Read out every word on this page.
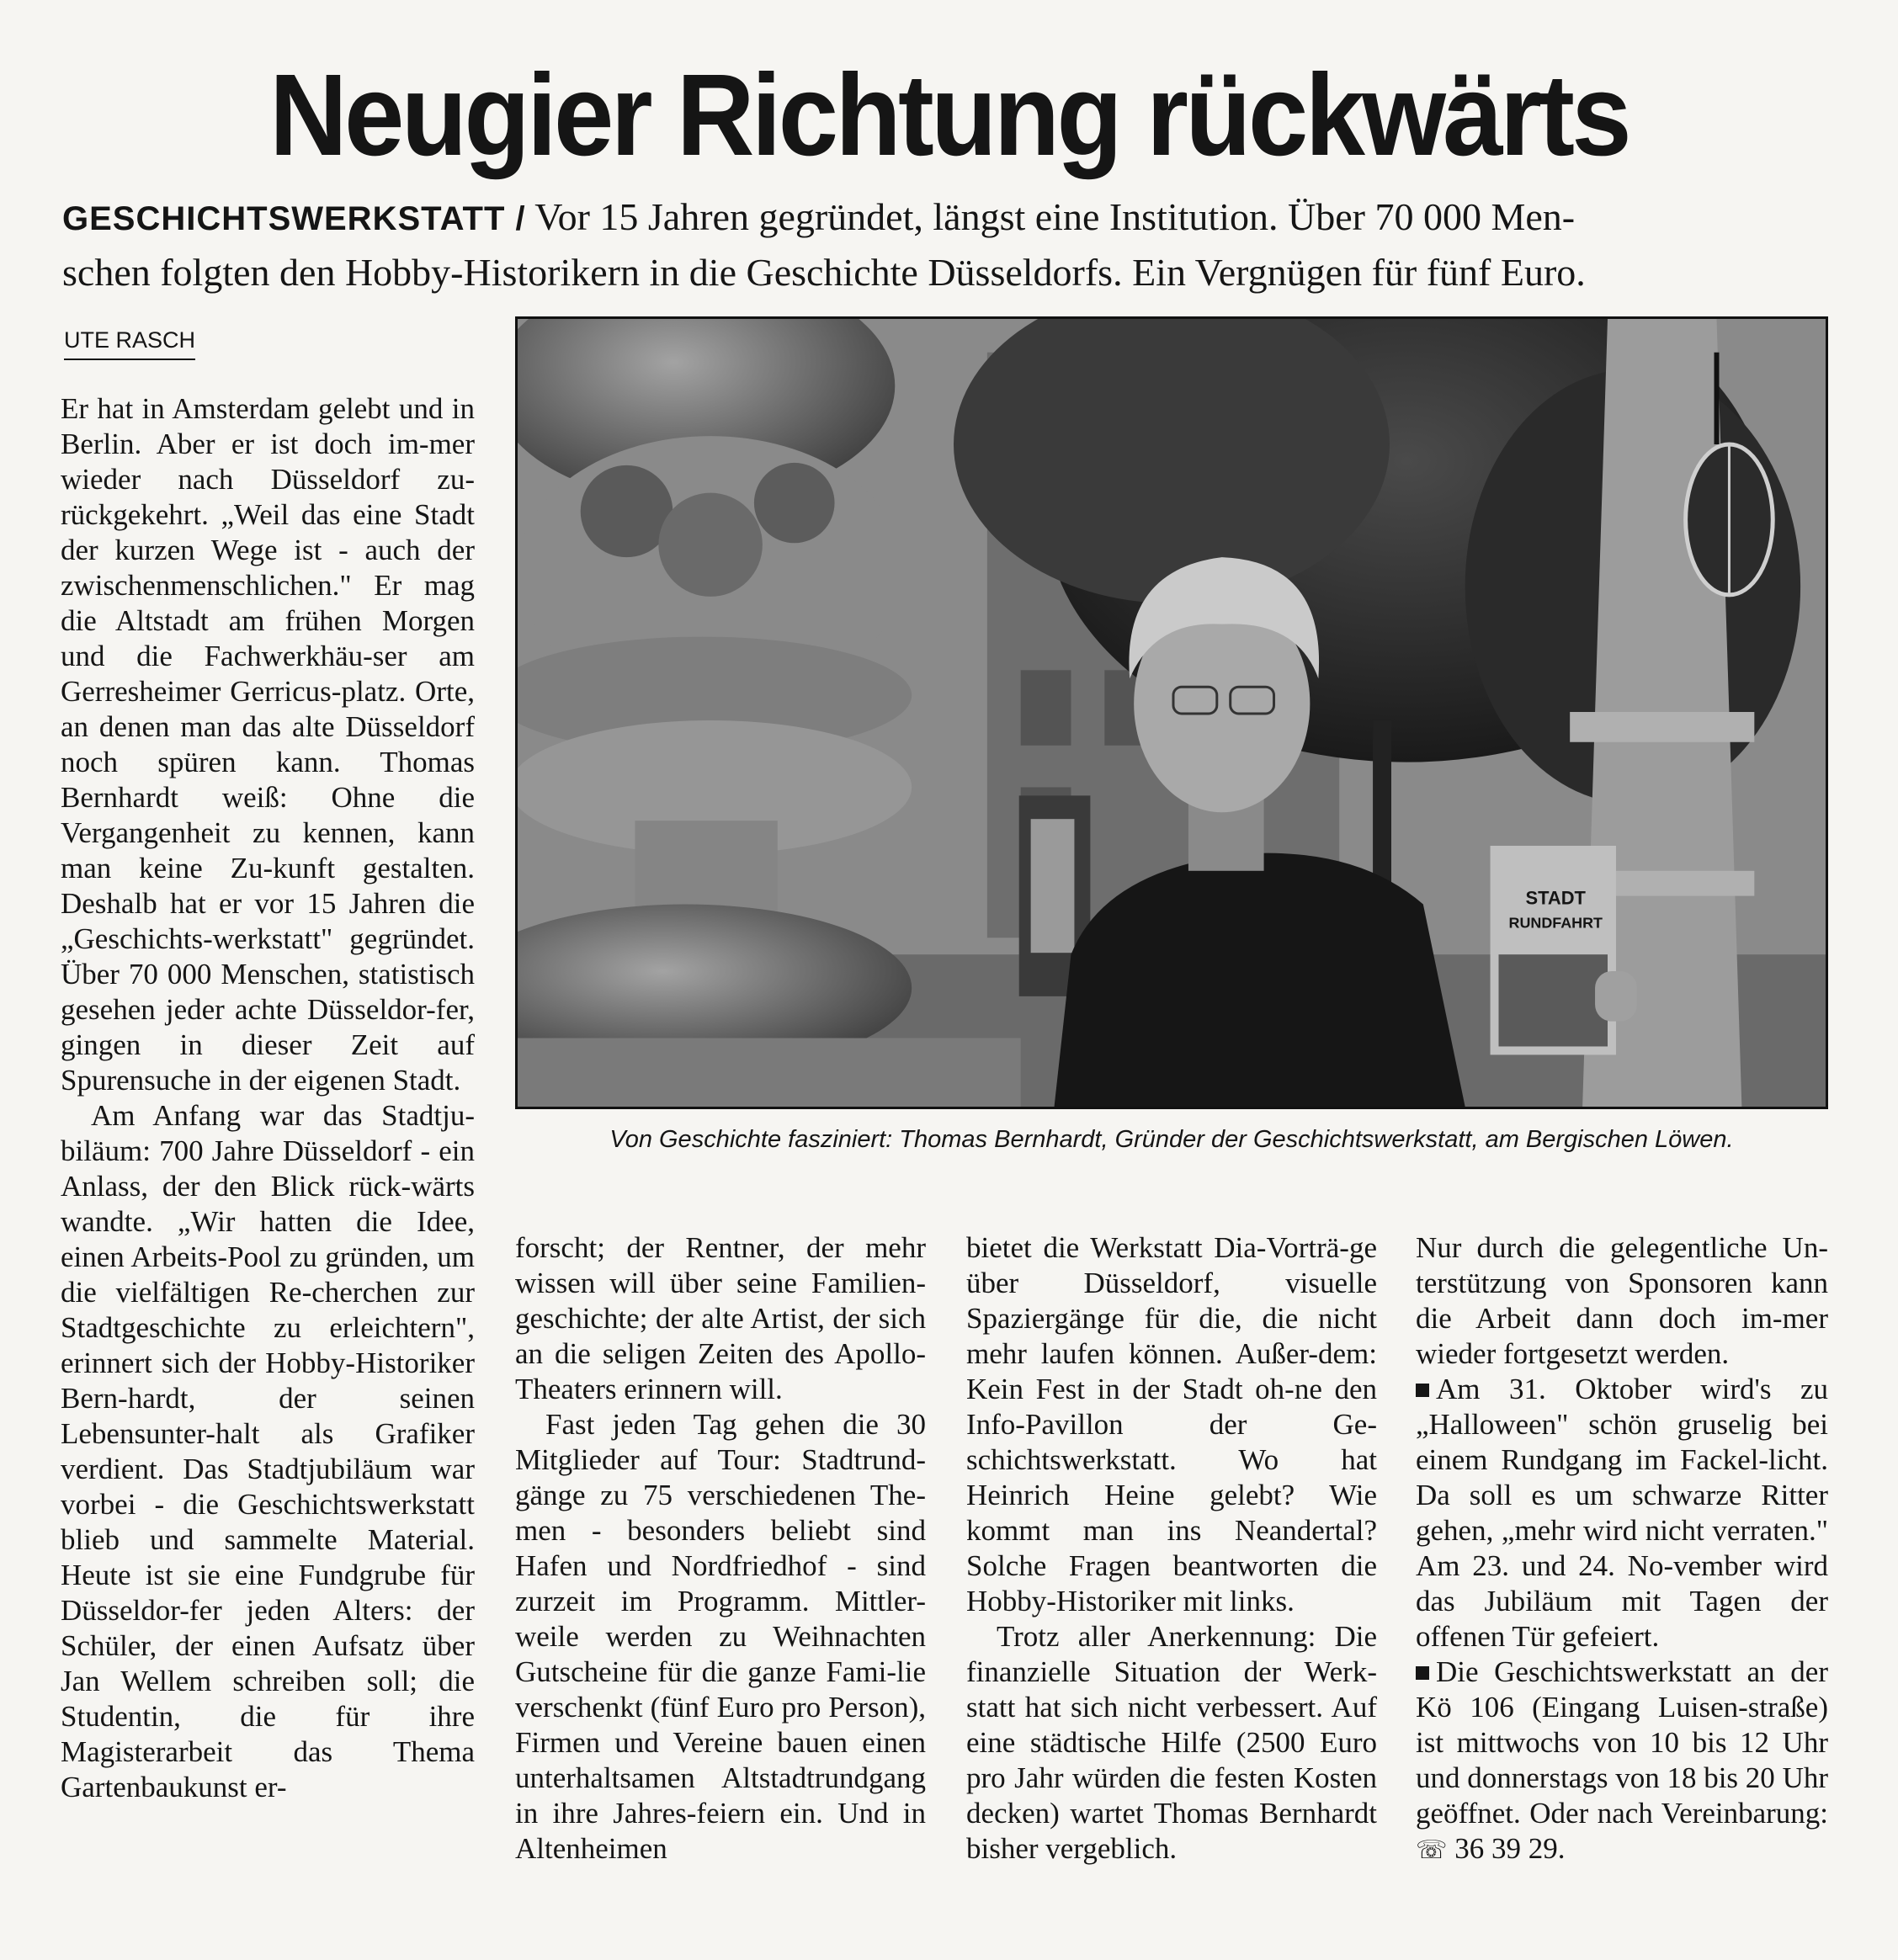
Neugier Richtung rückwärts

GESCHICHTSWERKSTATT / Vor 15 Jahren gegründet, längst eine Institution. Über 70 000 Men-
schen folgten den Hobby-Historikern in die Geschichte Düsseldorfs. Ein Vergnügen für fünf Euro.

UTE RASCH

Er hat in Amsterdam gelebt und in Berlin. Aber er ist doch im-mer wieder nach Düsseldorf zu-rückgekehrt. „Weil das eine Stadt der kurzen Wege ist - auch der zwischenmenschlichen." Er mag die Altstadt am frühen Morgen und die Fachwerkhäu-ser am Gerresheimer Gerricus-platz. Orte, an denen man das alte Düsseldorf noch spüren kann. Thomas Bernhardt weiß: Ohne die Vergangenheit zu kennen, kann man keine Zu-kunft gestalten. Deshalb hat er vor 15 Jahren die „Geschichts-werkstatt" gegründet. Über 70 000 Menschen, statistisch gesehen jeder achte Düsseldor-fer, gingen in dieser Zeit auf Spurensuche in der eigenen Stadt.

Am Anfang war das Stadtju-biläum: 700 Jahre Düsseldorf - ein Anlass, der den Blick rück-wärts wandte. „Wir hatten die Idee, einen Arbeits-Pool zu gründen, um die vielfältigen Re-cherchen zur Stadtgeschichte zu erleichtern", erinnert sich der Hobby-Historiker Bern-hardt, der seinen Lebensunter-halt als Grafiker verdient. Das Stadtjubiläum war vorbei - die Geschichtswerkstatt blieb und sammelte Material. Heute ist sie eine Fundgrube für Düsseldor-fer jeden Alters: der Schüler, der einen Aufsatz über Jan Wellem schreiben soll; die Studentin, die für ihre Magisterarbeit das Thema Gartenbaukunst er-

STADT
RUNDFAHRT

Von Geschichte fasziniert: Thomas Bernhardt, Gründer der Geschichtswerkstatt, am Bergischen Löwen.

forscht; der Rentner, der mehr wissen will über seine Familien-geschichte; der alte Artist, der sich an die seligen Zeiten des Apollo-Theaters erinnern will.

Fast jeden Tag gehen die 30 Mitglieder auf Tour: Stadtrund-gänge zu 75 verschiedenen The-men - besonders beliebt sind Hafen und Nordfriedhof - sind zurzeit im Programm. Mittler-weile werden zu Weihnachten Gutscheine für die ganze Fami-lie verschenkt (fünf Euro pro Person), Firmen und Vereine bauen einen unterhaltsamen Altstadtrundgang in ihre Jahres-feiern ein. Und in Altenheimen

bietet die Werkstatt Dia-Vorträ-ge über Düsseldorf, visuelle Spaziergänge für die, die nicht mehr laufen können. Außer-dem: Kein Fest in der Stadt oh-ne den Info-Pavillon der Ge-schichtswerkstatt. Wo hat Heinrich Heine gelebt? Wie kommt man ins Neandertal? Solche Fragen beantworten die Hobby-Historiker mit links.

Trotz aller Anerkennung: Die finanzielle Situation der Werk-statt hat sich nicht verbessert. Auf eine städtische Hilfe (2500 Euro pro Jahr würden die festen Kosten decken) wartet Thomas Bernhardt bisher vergeblich.

Nur durch die gelegentliche Un-terstützung von Sponsoren kann die Arbeit dann doch im-mer wieder fortgesetzt werden.

Am 31. Oktober wird's zu „Halloween" schön gruselig bei einem Rundgang im Fackel-licht. Da soll es um schwarze Ritter gehen, „mehr wird nicht verraten." Am 23. und 24. No-vember wird das Jubiläum mit Tagen der offenen Tür gefeiert.

Die Geschichtswerkstatt an der Kö 106 (Eingang Luisen-straße) ist mittwochs von 10 bis 12 Uhr und donnerstags von 18 bis 20 Uhr geöffnet. Oder nach Vereinbarung: ☏ 36 39 29.
